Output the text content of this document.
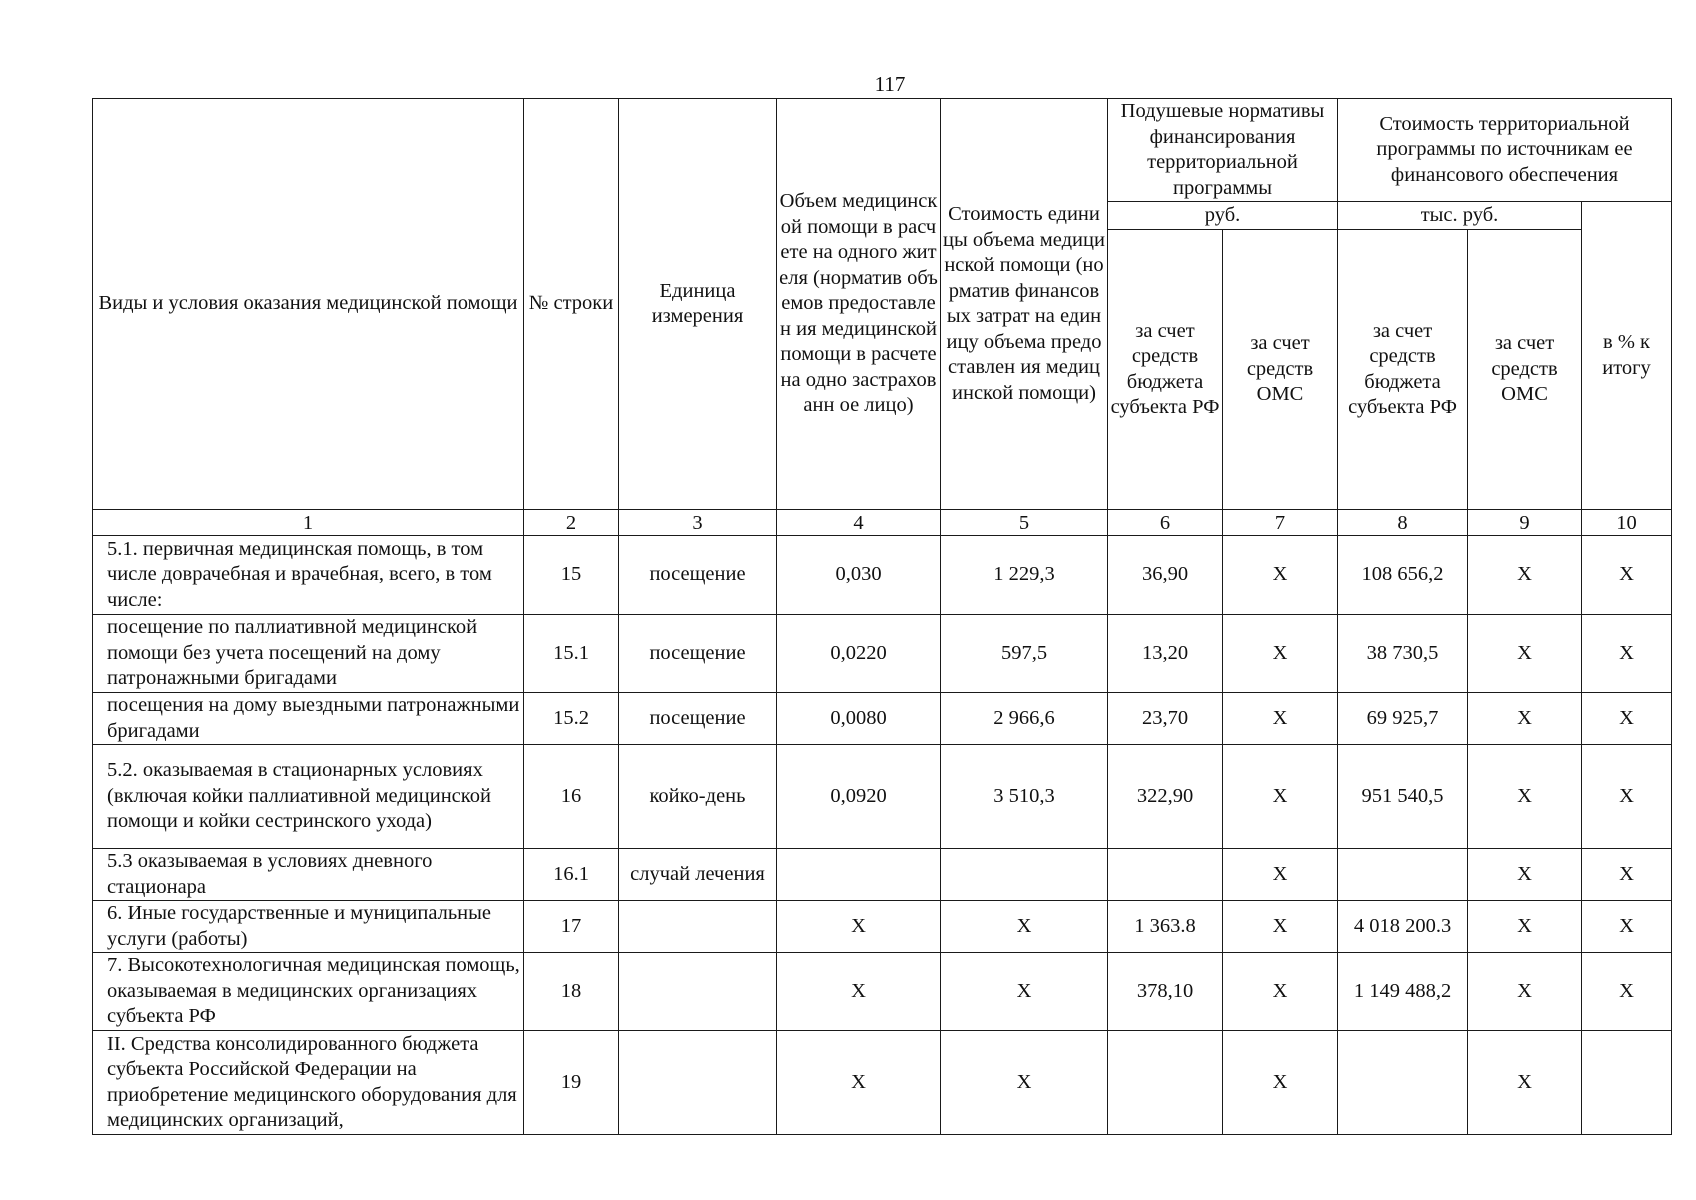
117
Виды и условия оказания медицинской помощи	№ строки	Единица измерения	Объем медицинской помощи в расчете на одного жителя (норматив объемов предоставлен ия медицинской помощи в расчете на одно застрахованн ое лицо)	Стоимость единицы объема медицинской помощи (норматив финансовых затрат на единицу объема предоставлен ия медицинской помощи)	Подушевые нормативы финансирования территориальной программы		Стоимость территориальной программы по источникам ее финансового обеспечения		
					руб.		тыс. руб.		в % к итогу
					за счет средств бюджета субъекта РФ	за счет средств ОМС	за счет средств бюджета субъекта РФ	за счет средств ОМС	
1	2	3	4	5	6	7	8	9	10
5.1. первичная медицинская помощь, в том числе доврачебная и врачебная, всего, в том числе:	15	посещение	0,030	1 229,3	36,90	X	108 656,2	X	X
посещение по паллиативной медицинской помощи без учета посещений на дому патронажными бригадами	15.1	посещение	0,0220	597,5	13,20	X	38 730,5	X	X
посещения на дому выездными патронажными бригадами	15.2	посещение	0,0080	2 966,6	23,70	X	69 925,7	X	X
5.2. оказываемая в стационарных условиях (включая койки паллиативной медицинской помощи и койки сестринского ухода)	16	койко-день	0,0920	3 510,3	322,90	X	951 540,5	X	X
5.3 оказываемая в условиях дневного стационара	16.1	случай лечения				X		X	X
6. Иные государственные и муниципальные услуги (работы)	17		X	X	1 363.8	X	4 018 200.3	X	X
7. Высокотехнологичная медицинская помощь, оказываемая в медицинских организациях субъекта РФ	18		X	X	378,10	X	1 149 488,2	X	X
II. Средства консолидированного бюджета субъекта Российской Федерации на приобретение медицинского оборудования для медицинских организаций,	19		X	X		X		X	
